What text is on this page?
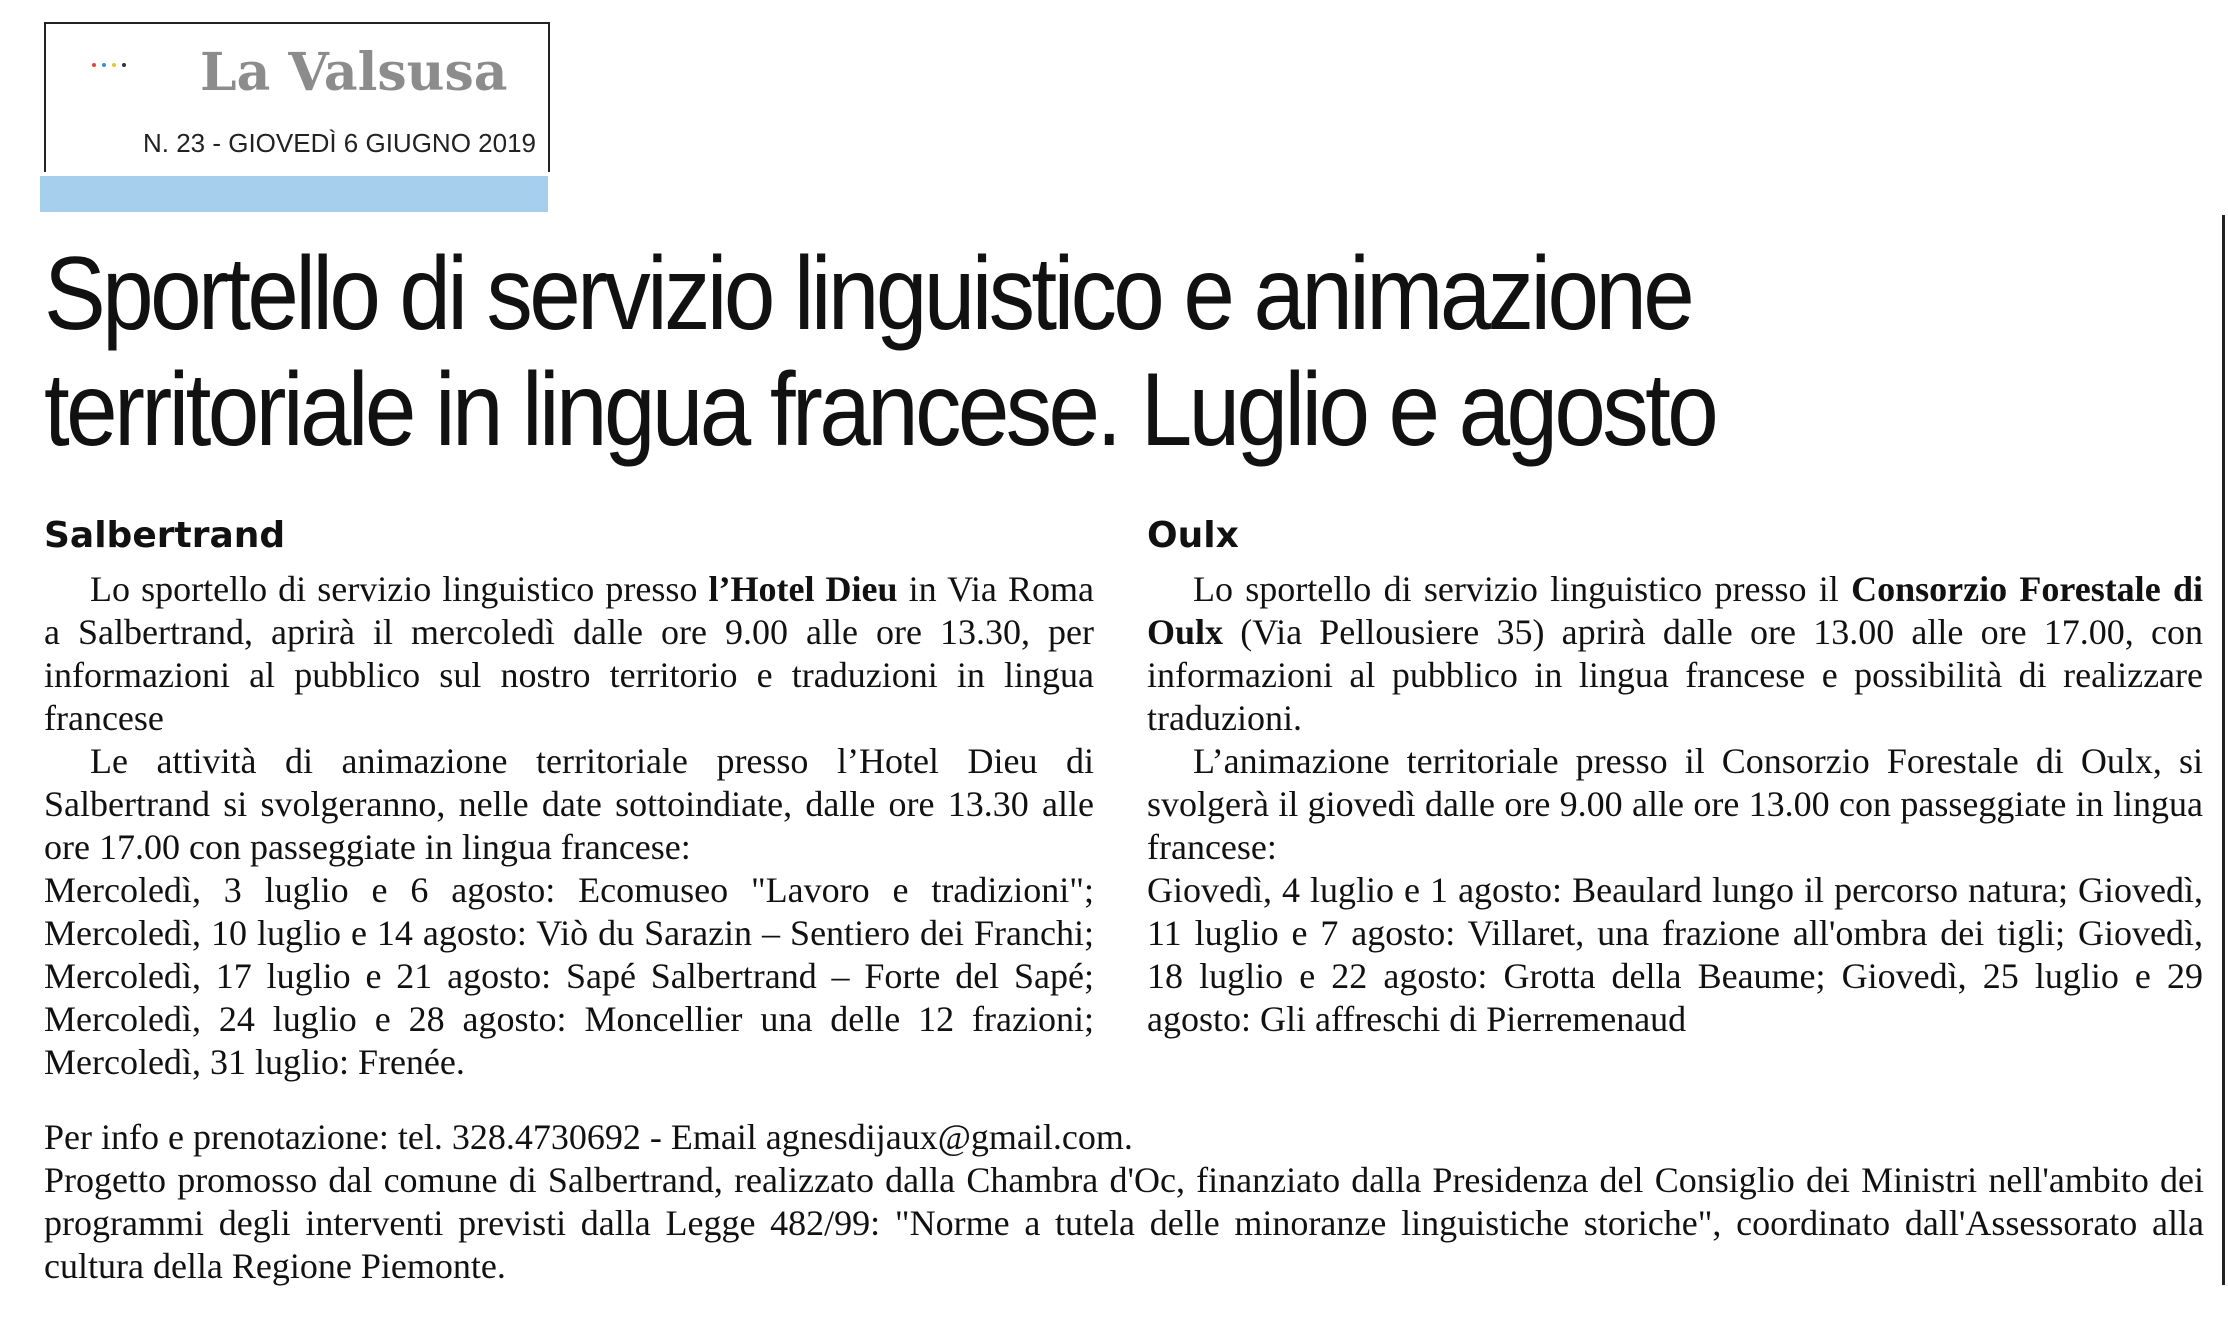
La Valsusa
N. 23 - GIOVEDÌ 6 GIUGNO 2019
Sportello di servizio linguistico e animazione
territoriale in lingua francese. Luglio e agosto
Salbertrand

Lo sportello di servizio linguistico presso l’Hotel Dieu in Via Roma a Salbertrand, aprirà il mercoledì dalle ore 9.00 alle ore 13.30, per informazioni al pubblico sul nostro territorio e traduzioni in lingua francese

Le attività di animazione territoriale presso l’Hotel Dieu di Salbertrand si svolgeranno, nelle date sottoindiate, dalle ore 13.30 alle ore 17.00 con passeggiate in lingua francese:

Mercoledì, 3 luglio e 6 agosto: Ecomuseo "Lavoro e tradizioni"; Mercoledì, 10 luglio e 14 agosto: Viò du Sarazin – Sentiero dei Franchi; Mercoledì, 17 luglio e 21 agosto: Sapé Salbertrand – Forte del Sapé; Mercoledì, 24 luglio e 28 agosto: Moncellier una delle 12 frazioni; Mercoledì, 31 luglio: Frenée.

Oulx

Lo sportello di servizio linguistico presso il Consorzio Forestale di Oulx (Via Pellousiere 35) aprirà dalle ore 13.00 alle ore 17.00, con informazioni al pubblico in lingua francese e possibilità di realizzare traduzioni.

L’animazione territoriale presso il Consorzio Forestale di Oulx, si svolgerà il giovedì dalle ore 9.00 alle ore 13.00 con passeggiate in lingua francese:

Giovedì, 4 luglio e 1 agosto: Beaulard lungo il percorso natura; Giovedì, 11 luglio e 7 agosto: Villaret, una frazione all'ombra dei tigli; Giovedì, 18 luglio e 22 agosto: Grotta della Beaume; Giovedì, 25 luglio e 29 agosto: Gli affreschi di Pierremenaud

Per info e prenotazione: tel. 328.4730692 - Email agnesdijaux@gmail.com.

Progetto promosso dal comune di Salbertrand, realizzato dalla Chambra d'Oc, finanziato dalla Presidenza del Consiglio dei Ministri nell'ambito dei programmi degli interventi previsti dalla Legge 482/99: "Norme a tutela delle minoranze linguistiche storiche", coordinato dall'Assessorato alla cultura della Regione Piemonte.
